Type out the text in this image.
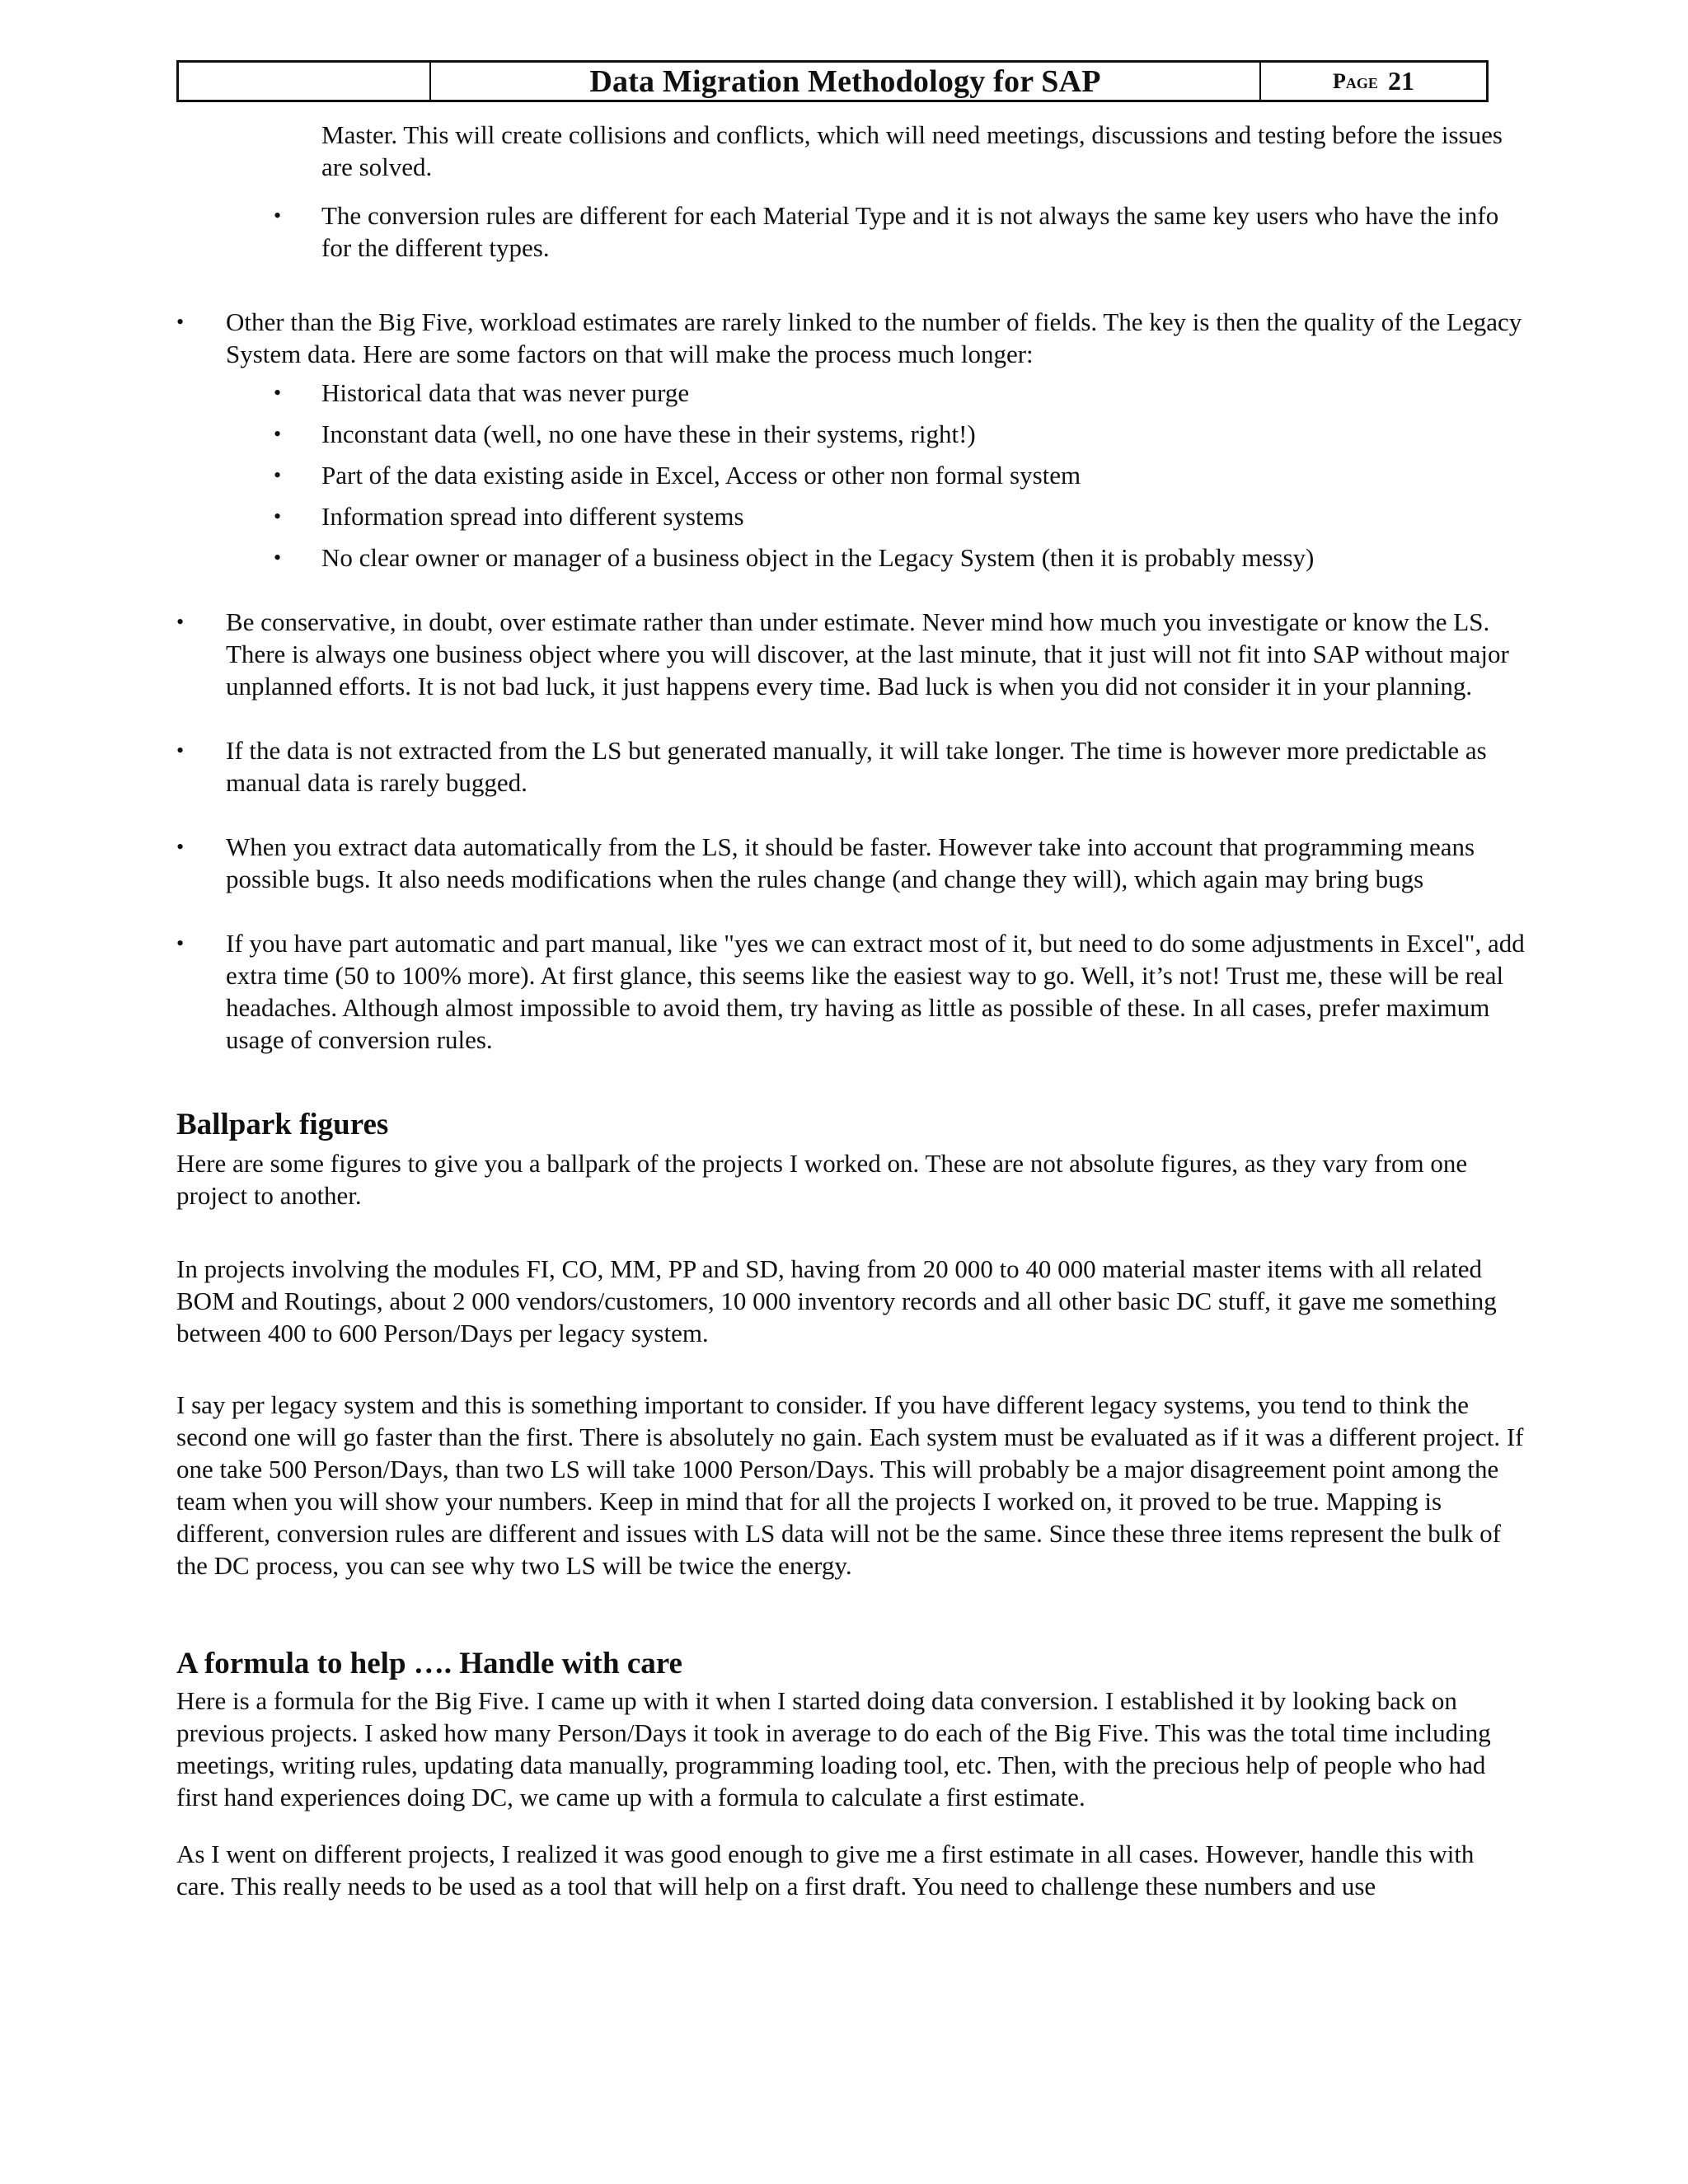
Data Migration Methodology for SAP	Page 21

Master. This will create collisions and conflicts, which will need meetings, discussions and testing before the issues are solved.

• The conversion rules are different for each Material Type and it is not always the same key users who have the info for the different types.

• Other than the Big Five, workload estimates are rarely linked to the number of fields. The key is then the quality of the Legacy System data. Here are some factors on that will make the process much longer:

• Historical data that was never purge

• Inconstant data (well, no one have these in their systems, right!)

• Part of the data existing aside in Excel, Access or other non formal system

• Information spread into different systems

• No clear owner or manager of a business object in the Legacy System (then it is probably messy)

• Be conservative, in doubt, over estimate rather than under estimate. Never mind how much you investigate or know the LS. There is always one business object where you will discover, at the last minute, that it just will not fit into SAP without major unplanned efforts. It is not bad luck, it just happens every time. Bad luck is when you did not consider it in your planning.

• If the data is not extracted from the LS but generated manually, it will take longer. The time is however more predictable as manual data is rarely bugged.

• When you extract data automatically from the LS, it should be faster. However take into account that programming means possible bugs. It also needs modifications when the rules change (and change they will), which again may bring bugs

• If you have part automatic and part manual, like "yes we can extract most of it, but need to do some adjustments in Excel", add extra time (50 to 100% more). At first glance, this seems like the easiest way to go. Well, it’s not! Trust me, these will be real headaches. Although almost impossible to avoid them, try having as little as possible of these. In all cases, prefer maximum usage of conversion rules.

Ballpark figures

Here are some figures to give you a ballpark of the projects I worked on. These are not absolute figures, as they vary from one project to another.

In projects involving the modules FI, CO, MM, PP and SD, having from 20 000 to 40 000 material master items with all related BOM and Routings, about 2 000 vendors/customers, 10 000 inventory records and all other basic DC stuff, it gave me something between 400 to 600 Person/Days per legacy system.

I say per legacy system and this is something important to consider. If you have different legacy systems, you tend to think the second one will go faster than the first. There is absolutely no gain. Each system must be evaluated as if it was a different project. If one take 500 Person/Days, than two LS will take 1000 Person/Days. This will probably be a major disagreement point among the team when you will show your numbers. Keep in mind that for all the projects I worked on, it proved to be true. Mapping is different, conversion rules are different and issues with LS data will not be the same. Since these three items represent the bulk of the DC process, you can see why two LS will be twice the energy.

A formula to help …. Handle with care

Here is a formula for the Big Five. I came up with it when I started doing data conversion. I established it by looking back on previous projects. I asked how many Person/Days it took in average to do each of the Big Five. This was the total time including meetings, writing rules, updating data manually, programming loading tool, etc. Then, with the precious help of people who had first hand experiences doing DC, we came up with a formula to calculate a first estimate.

As I went on different projects, I realized it was good enough to give me a first estimate in all cases. However, handle this with care. This really needs to be used as a tool that will help on a first draft. You need to challenge these numbers and use
